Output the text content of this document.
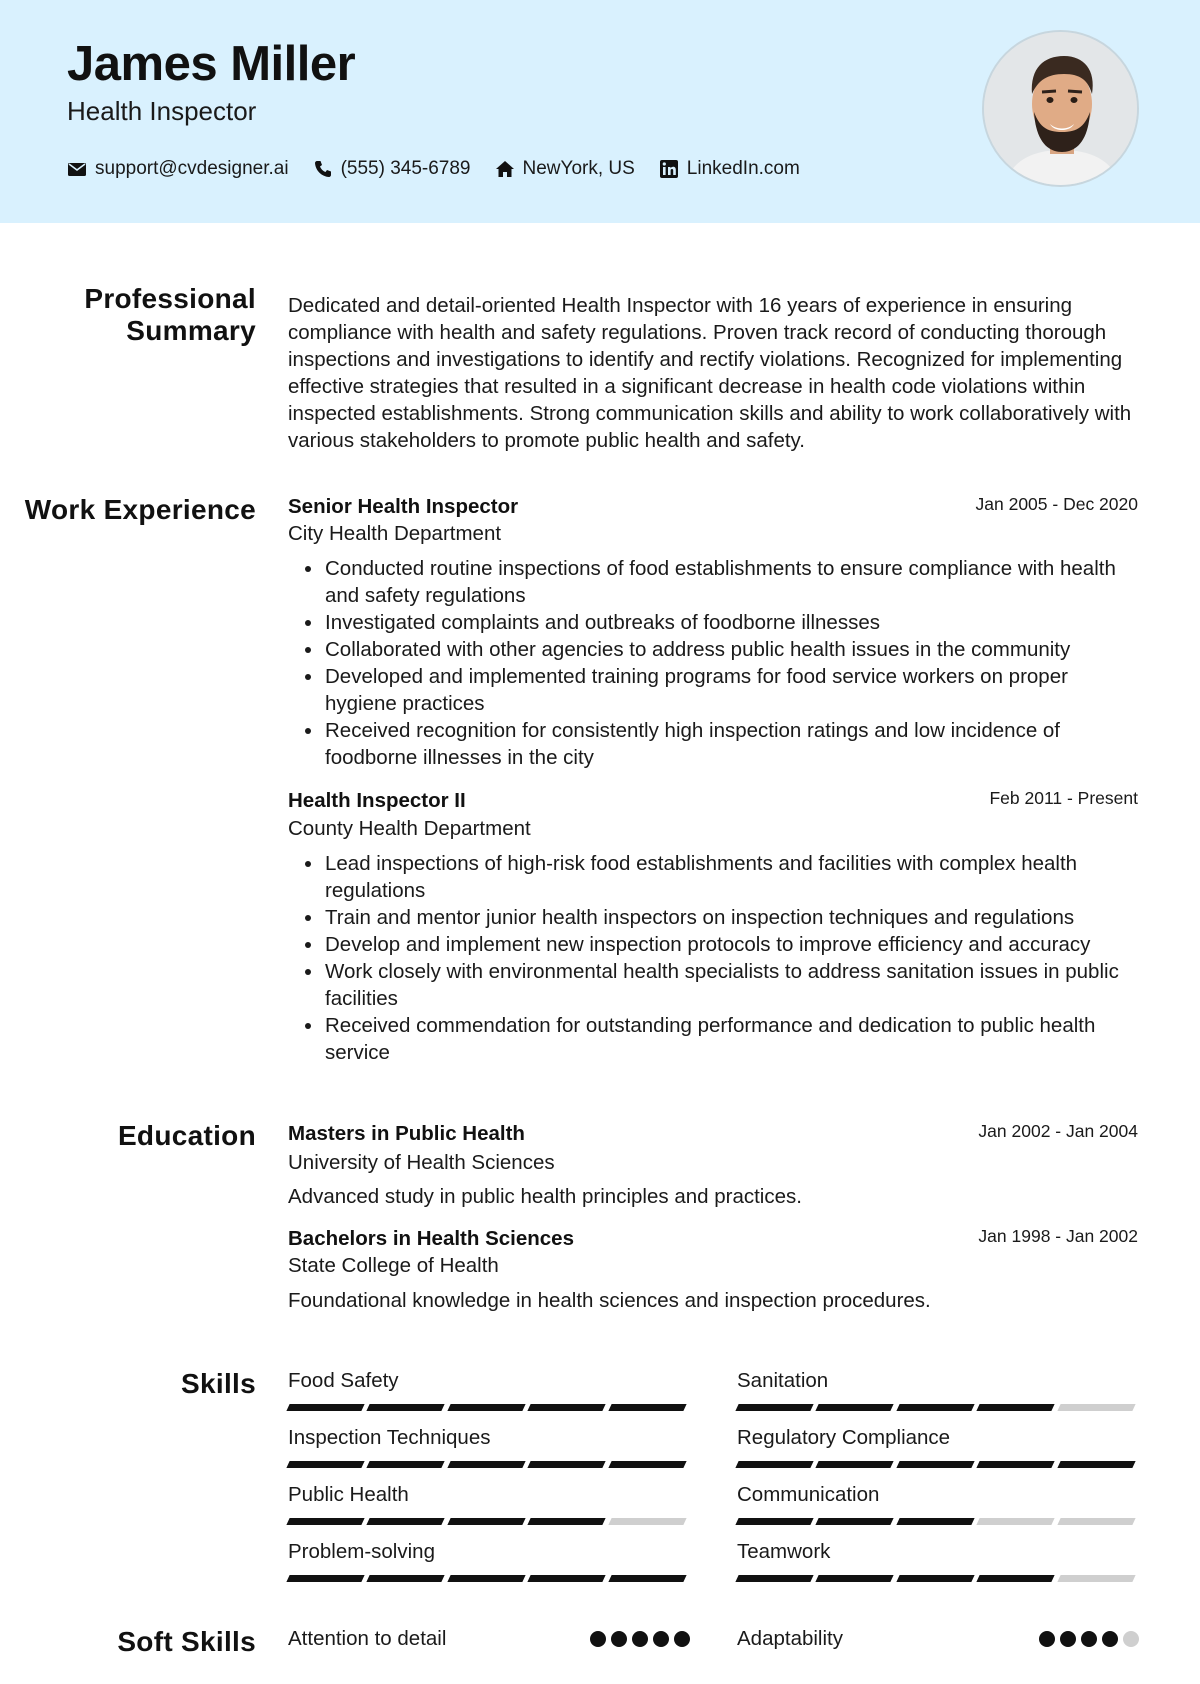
James Miller
Health Inspector
support@cvdesigner.ai	(555) 345-6789	NewYork, US	LinkedIn.com
Professional Summary
Dedicated and detail-oriented Health Inspector with 16 years of experience in ensuring compliance with health and safety regulations. Proven track record of conducting thorough inspections and investigations to identify and rectify violations. Recognized for implementing effective strategies that resulted in a significant decrease in health code violations within inspected establishments. Strong communication skills and ability to work collaboratively with various stakeholders to promote public health and safety.
Work Experience Senior Health Inspector	Jan 2005 - Dec 2020
City Health Department
Conducted routine inspections of food establishments to ensure compliance with health and safety regulations
Investigated complaints and outbreaks of foodborne illnesses
Collaborated with other agencies to address public health issues in the community
Developed and implemented training programs for food service workers on proper hygiene practices
Received recognition for consistently high inspection ratings and low incidence of foodborne illnesses in the city
Health Inspector II	Feb 2011 - Present
County Health Department
Lead inspections of high-risk food establishments and facilities with complex health regulations
Train and mentor junior health inspectors on inspection techniques and regulations
Develop and implement new inspection protocols to improve efficiency and accuracy
Work closely with environmental health specialists to address sanitation issues in public facilities
Received commendation for outstanding performance and dedication to public health service
Education Masters in Public Health	Jan 2002 - Jan 2004
University of Health Sciences
Advanced study in public health principles and practices.
Bachelors in Health Sciences	Jan 1998 - Jan 2002
State College of Health
Foundational knowledge in health sciences and inspection procedures.
Skills Food Safety	Sanitation
Inspection Techniques	Regulatory Compliance
Public Health	Communication
Problem-solving	Teamwork
Soft Skills Attention to detail	Adaptability
